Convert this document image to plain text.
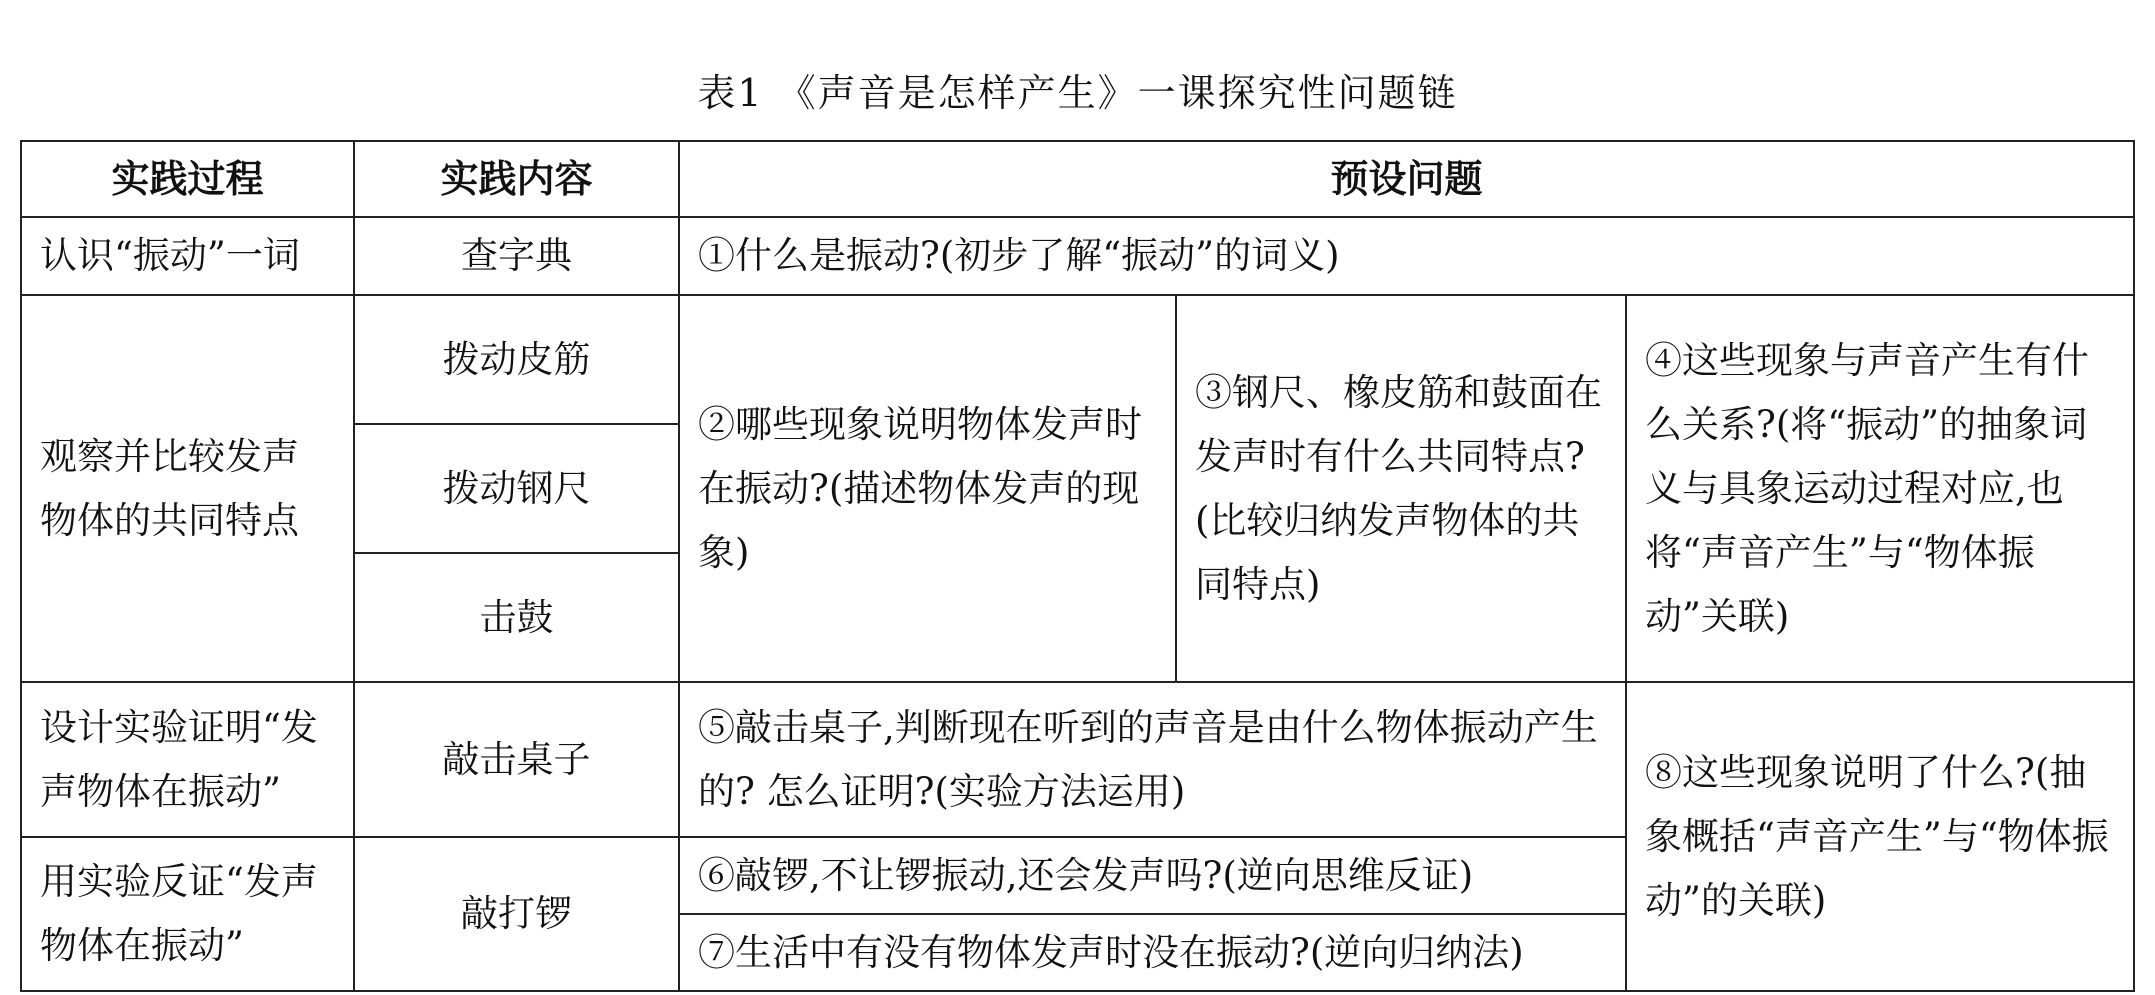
表1 《声音是怎样产生》一课探究性问题链
实践过程	实践内容	预设问题		
认识“振动”一词	查字典	①什么是振动?(初步了解“振动”的词义)		
观察并比较发声物体的共同特点	拨动皮筋	②哪些现象说明物体发声时在振动?(描述物体发声的现象)	③钢尺、橡皮筋和鼓面在发声时有什么共同特点?(比较归纳发声物体的共同特点)	④这些现象与声音产生有什么关系?(将“振动”的抽象词义与具象运动过程对应,也将“声音产生”与“物体振动”关联)
	拨动钢尺			
	击鼓			
设计实验证明“发声物体在振动”	敲击桌子	⑤敲击桌子,判断现在听到的声音是由什么物体振动产生的? 怎么证明?(实验方法运用)		⑧这些现象说明了什么?(抽象概括“声音产生”与“物体振动”的关联)
用实验反证“发声物体在振动”	敲打锣	⑥敲锣,不让锣振动,还会发声吗?(逆向思维反证)		
		⑦生活中有没有物体发声时没在振动?(逆向归纳法)		
